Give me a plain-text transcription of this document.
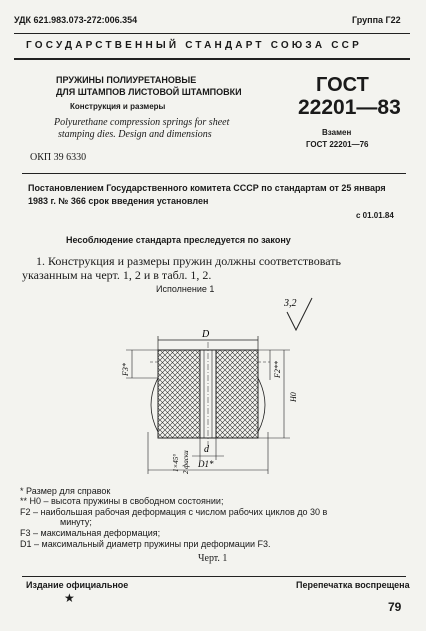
УДК 621.983.073-272:006.354	Группа Г22
ГОСУДАРСТВЕННЫЙ СТАНДАРТ СОЮЗА ССР
ПРУЖИНЫ ПОЛИУРЕТАНОВЫЕ
ДЛЯ ШТАМПОВ ЛИСТОВОЙ ШТАМПОВКИ
Конструкция и размеры
Polyurethane compression springs for sheet
stamping dies. Design and dimensions
ОКП 39 6330
ГОСТ
22201—83
Взамен
ГОСТ 22201—76
Постановлением Государственного комитета СССР по стандартам от 25 января
1983 г. № 366 срок введения установлен
с 01.01.84
Несоблюдение стандарта преследуется по закону
1. Конструкция и размеры пружин должны соответствовать
указанным на черт. 1, 2 и в табл. 1, 2.
Исполнение 1
3,2
D
F3*	F2**
H0
d
D1*
1×45° 2 фаски
* Размер для справок
** H0 – высота пружины в свободном состоянии;
F2 – наибольшая рабочая деформация с числом рабочих циклов до 30 в
минуту;
F3 – максимальная деформация;
D1 – максимальный диаметр пружины при деформации F3.
Черт. 1
Издание официальное	Перепечатка воспрещена
★
79
